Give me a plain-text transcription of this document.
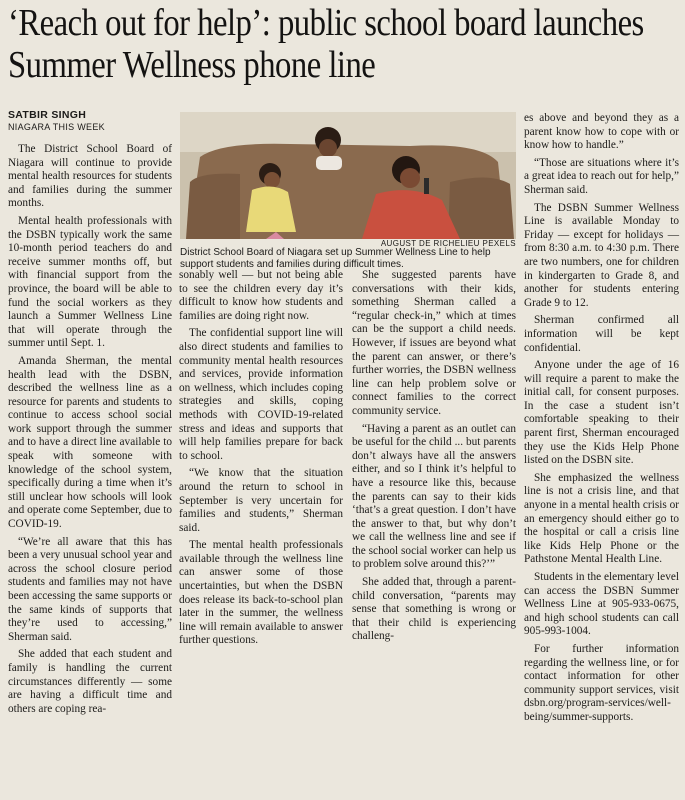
‘Reach out for help’: public school board launches Summer Wellness phone line
SATBIR SINGH
NIAGARA THIS WEEK

The District School Board of Niagara will continue to provide mental health resources for students and families during the summer months.

Mental health professionals with the DSBN typically work the same 10-month period teachers do and receive summer months off, but with financial support from the province, the board will be able to fund the social workers as they launch a Summer Wellness Line that will operate through the summer until Sept. 1.

Amanda Sherman, the mental health lead with the DSBN, described the wellness line as a resource for parents and students to continue to access school social work support through the summer and to have a direct line available to speak with someone with knowledge of the school system, specifically during a time when it’s still unclear how schools will look and operate come September, due to COVID-19.

“We’re all aware that this has been a very unusual school year and across the school closure period students and families may not have been accessing the same supports or the same kinds of supports that they’re used to accessing,” Sherman said.

She added that each student and family is handling the current circumstances differently — some are having a difficult time and others are coping rea-

AUGUST DE RICHELIEU PEXELS
District School Board of Niagara set up Summer Wellness Line to help support students and families during difficult times.

sonably well — but not being able to see the children every day it’s difficult to know how students and families are doing right now.

The confidential support line will also direct students and families to community mental health resources and services, provide information on wellness, which includes coping strategies and skills, coping methods with COVID-19-related stress and ideas and supports that will help families prepare for back to school.

“We know that the situation around the return to school in September is very uncertain for families and students,” Sherman said.

The mental health professionals available through the wellness line can answer some of those uncertainties, but when the DSBN does release its back-to-school plan later in the summer, the wellness line will remain available to answer further questions.

She suggested parents have conversations with their kids, something Sherman called a “regular check-in,” which at times can be the support a child needs. However, if issues are beyond what the parent can answer, or there’s further worries, the DSBN wellness line can help problem solve or connect families to the correct community service.

“Having a parent as an outlet can be useful for the child ... but parents don’t always have all the answers either, and so I think it’s helpful to have a resource like this, because the parents can say to their kids ‘that’s a great question. I don’t have the answer to that, but why don’t we call the wellness line and see if the school social worker can help us to problem solve around this?’”

She added that, through a parent-child conversation, “parents may sense that something is wrong or that their child is experiencing challeng-

es above and beyond they as a parent know how to cope with or know how to handle.”

“Those are situations where it’s a great idea to reach out for help,” Sherman said.

The DSBN Summer Wellness Line is available Monday to Friday — except for holidays — from 8:30 a.m. to 4:30 p.m. There are two numbers, one for children in kindergarten to Grade 8, and another for students entering Grade 9 to 12.

Sherman confirmed all information will be kept confidential.

Anyone under the age of 16 will require a parent to make the initial call, for consent purposes. In the case a student isn’t comfortable speaking to their parent first, Sherman encouraged they use the Kids Help Phone listed on the DSBN site.

She emphasized the wellness line is not a crisis line, and that anyone in a mental health crisis or an emergency should either go to the hospital or call a crisis line like Kids Help Phone or the Pathstone Mental Health Line.

Students in the elementary level can access the DSBN Summer Wellness Line at 905-933-0675, and high school students can call 905-993-1004.

For further information regarding the wellness line, or for contact information for other community support services, visit dsbn.org/program-services/well-being/summer-supports.
